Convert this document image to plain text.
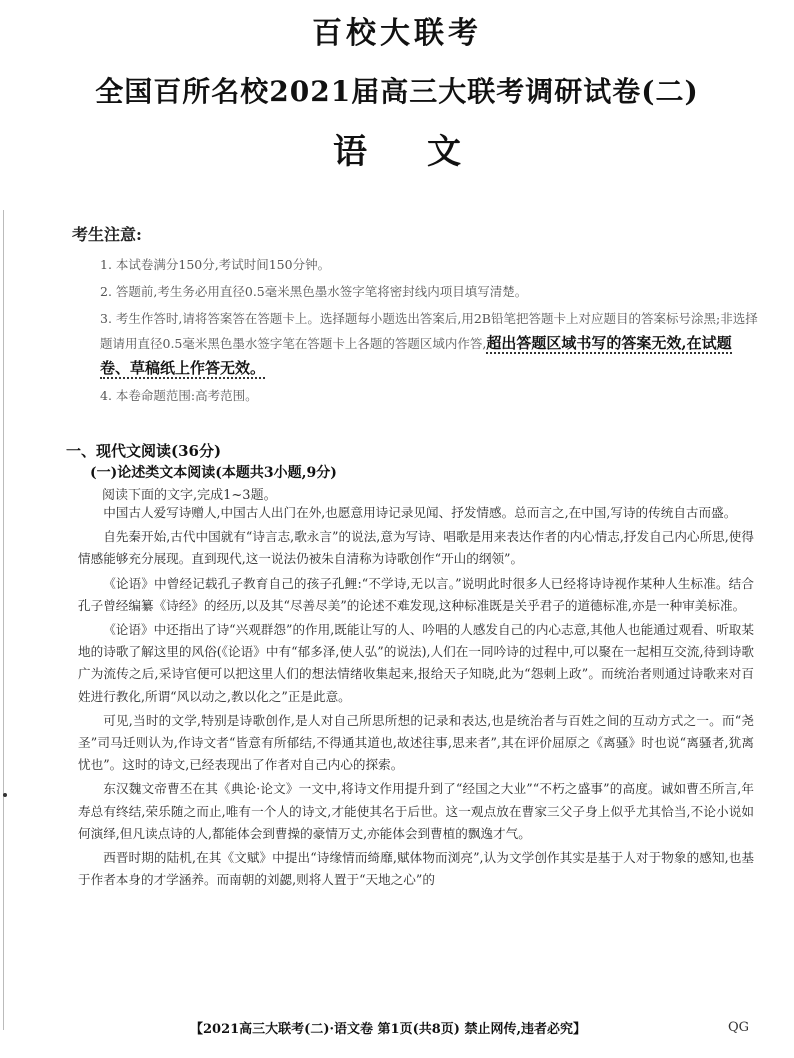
百校大联考
全国百所名校2021届高三大联考调研试卷(二)
语文
考生注意:
1. 本试卷满分150分,考试时间150分钟。
2. 答题前,考生务必用直径0.5毫米黑色墨水签字笔将密封线内项目填写清楚。
3. 考生作答时,请将答案答在答题卡上。选择题每小题选出答案后,用2B铅笔把答题卡上对应题目的答案标号涂黑;非选择题请用直径0.5毫米黑色墨水签字笔在答题卡上各题的答题区域内作答,超出答题区域书写的答案无效,在试题卷、草稿纸上作答无效。
4. 本卷命题范围:高考范围。
一、现代文阅读(36分)
(一)论述类文本阅读(本题共3小题,9分)
阅读下面的文字,完成1~3题。

中国古人爱写诗赠人,中国古人出门在外,也愿意用诗记录见闻、抒发情感。总而言之,在中国,写诗的传统自古而盛。

自先秦开始,古代中国就有“诗言志,歌永言”的说法,意为写诗、唱歌是用来表达作者的内心情志,抒发自己内心所思,使得情感能够充分展现。直到现代,这一说法仍被朱自清称为诗歌创作“开山的纲领”。

《论语》中曾经记载孔子教育自己的孩子孔鲤:“不学诗,无以言。”说明此时很多人已经将诗诗视作某种人生标准。结合孔子曾经编纂《诗经》的经历,以及其“尽善尽美”的论述不难发现,这种标准既是关乎君子的道德标准,亦是一种审美标准。

《论语》中还指出了诗“兴观群怨”的作用,既能让写的人、吟唱的人感发自己的内心志意,其他人也能通过观看、听取某地的诗歌了解这里的风俗(《论语》中有“郁多泽,使人弘”的说法),人们在一同吟诗的过程中,可以聚在一起相互交流,待到诗歌广为流传之后,采诗官便可以把这里人们的想法情绪收集起来,报给天子知晓,此为“怨刺上政”。而统治者则通过诗歌来对百姓进行教化,所谓“风以动之,教以化之”正是此意。

可见,当时的文学,特别是诗歌创作,是人对自己所思所想的记录和表达,也是统治者与百姓之间的互动方式之一。而“尧圣”司马迁则认为,作诗文者“皆意有所郁结,不得通其道也,故述往事,思来者”,其在评价屈原之《离骚》时也说“离骚者,犹离忧也”。这时的诗文,已经表现出了作者对自己内心的探索。

东汉魏文帝曹丕在其《典论·论文》一文中,将诗文作用提升到了“经国之大业”“不朽之盛事”的高度。诚如曹丕所言,年寿总有终结,荣乐随之而止,唯有一个人的诗文,才能使其名于后世。这一观点放在曹家三父子身上似乎尤其恰当,不论小说如何演绎,但凡读点诗的人,都能体会到曹操的豪情万丈,亦能体会到曹植的飘逸才气。

西晋时期的陆机,在其《文赋》中提出“诗缘情而绮靡,赋体物而浏亮”,认为文学创作其实是基于人对于物象的感知,也基于作者本身的才学涵养。而南朝的刘勰,则将人置于“天地之心”的

【2021高三大联考(二)·语文卷 第1页(共8页) 禁止网传,违者必究】	QG
